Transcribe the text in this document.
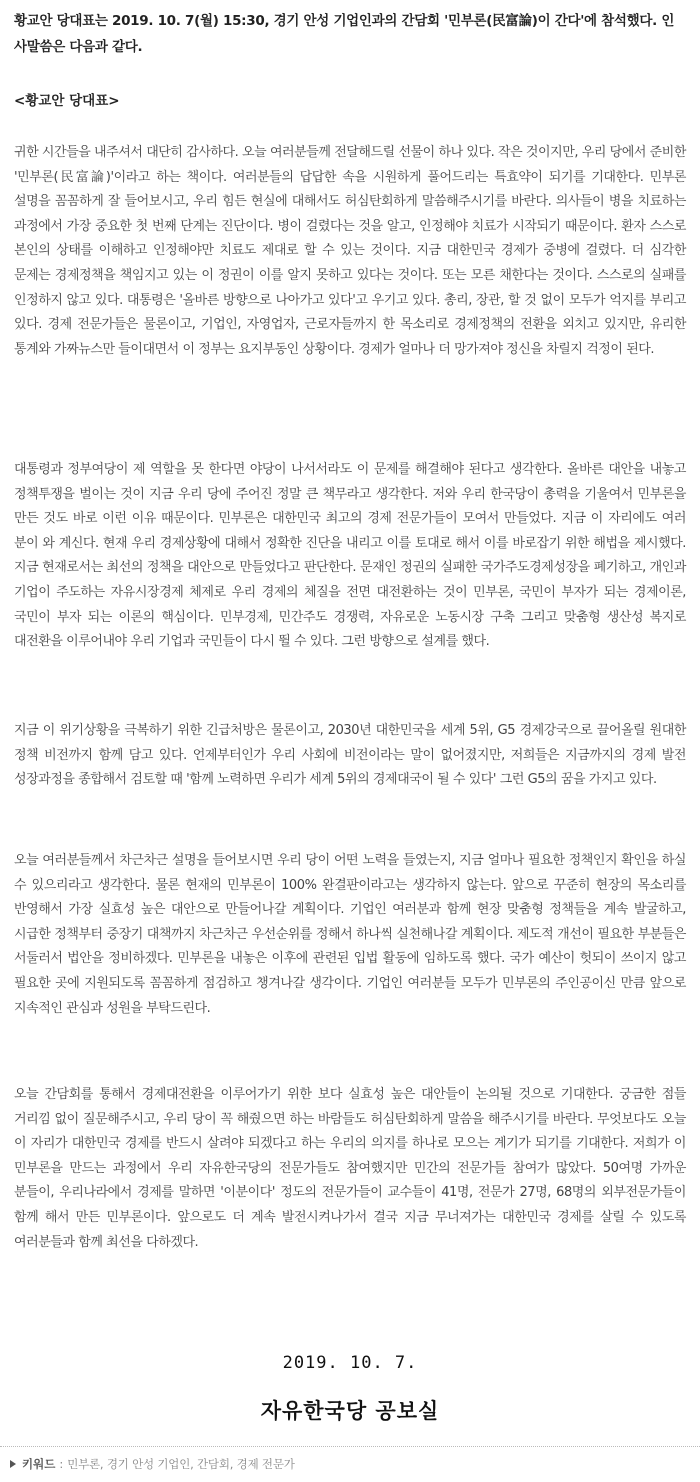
황교안 당대표는 2019. 10. 7(월) 15:30, 경기 안성 기업인과의 간담회 '민부론(民富論)이 간다'에 참석했다. 인사말씀은 다음과 같다.

<황교안 당대표>

귀한 시간들을 내주셔서 대단히 감사하다. 오늘 여러분들께 전달해드릴 선물이 하나 있다. 작은 것이지만, 우리 당에서 준비한 '민부론(民富論)'이라고 하는 책이다. 여러분들의 답답한 속을 시원하게 풀어드리는 특효약이 되기를 기대한다. 민부론 설명을 꼼꼼하게 잘 들어보시고, 우리 힘든 현실에 대해서도 허심탄회하게 말씀해주시기를 바란다. 의사들이 병을 치료하는 과정에서 가장 중요한 첫 번째 단계는 진단이다. 병이 걸렸다는 것을 알고, 인정해야 치료가 시작되기 때문이다. 환자 스스로 본인의 상태를 이해하고 인정해야만 치료도 제대로 할 수 있는 것이다. 지금 대한민국 경제가 중병에 걸렸다. 더 심각한 문제는 경제정책을 책임지고 있는 이 정권이 이를 알지 못하고 있다는 것이다. 또는 모른 채한다는 것이다. 스스로의 실패를 인정하지 않고 있다. 대통령은 '올바른 방향으로 나아가고 있다'고 우기고 있다. 총리, 장관, 할 것 없이 모두가 억지를 부리고 있다. 경제 전문가들은 물론이고, 기업인, 자영업자, 근로자들까지 한 목소리로 경제정책의 전환을 외치고 있지만, 유리한 통계와 가짜뉴스만 들이대면서 이 정부는 요지부동인 상황이다. 경제가 얼마나 더 망가져야 정신을 차릴지 걱정이 된다.

대통령과 정부여당이 제 역할을 못 한다면 야당이 나서서라도 이 문제를 해결해야 된다고 생각한다. 올바른 대안을 내놓고 정책투쟁을 벌이는 것이 지금 우리 당에 주어진 정말 큰 책무라고 생각한다. 저와 우리 한국당이 총력을 기울여서 민부론을 만든 것도 바로 이런 이유 때문이다. 민부론은 대한민국 최고의 경제 전문가들이 모여서 만들었다. 지금 이 자리에도 여러 분이 와 계신다. 현재 우리 경제상황에 대해서 정확한 진단을 내리고 이를 토대로 해서 이를 바로잡기 위한 해법을 제시했다. 지금 현재로서는 최선의 정책을 대안으로 만들었다고 판단한다. 문재인 정권의 실패한 국가주도경제성장을 폐기하고, 개인과 기업이 주도하는 자유시장경제 체제로 우리 경제의 체질을 전면 대전환하는 것이 민부론, 국민이 부자가 되는 경제이론, 국민이 부자 되는 이론의 핵심이다. 민부경제, 민간주도 경쟁력, 자유로운 노동시장 구축 그리고 맞춤형 생산성 복지로 대전환을 이루어내야 우리 기업과 국민들이 다시 뛸 수 있다. 그런 방향으로 설계를 했다.

지금 이 위기상황을 극복하기 위한 긴급처방은 물론이고, 2030년 대한민국을 세계 5위, G5 경제강국으로 끌어올릴 원대한 정책 비전까지 함께 담고 있다. 언제부터인가 우리 사회에 비전이라는 말이 없어졌지만, 저희들은 지금까지의 경제 발전 성장과정을 종합해서 검토할 때 '함께 노력하면 우리가 세계 5위의 경제대국이 될 수 있다' 그런 G5의 꿈을 가지고 있다.

오늘 여러분들께서 차근차근 설명을 들어보시면 우리 당이 어떤 노력을 들였는지, 지금 얼마나 필요한 정책인지 확인을 하실 수 있으리라고 생각한다. 물론 현재의 민부론이 100% 완결판이라고는 생각하지 않는다. 앞으로 꾸준히 현장의 목소리를 반영해서 가장 실효성 높은 대안으로 만들어나갈 계획이다. 기업인 여러분과 함께 현장 맞춤형 정책들을 계속 발굴하고, 시급한 정책부터 중장기 대책까지 차근차근 우선순위를 정해서 하나씩 실천해나갈 계획이다. 제도적 개선이 필요한 부분들은 서둘러서 법안을 정비하겠다. 민부론을 내놓은 이후에 관련된 입법 활동에 임하도록 했다. 국가 예산이 헛되이 쓰이지 않고 필요한 곳에 지원되도록 꼼꼼하게 점검하고 챙겨나갈 생각이다. 기업인 여러분들 모두가 민부론의 주인공이신 만큼 앞으로 지속적인 관심과 성원을 부탁드린다.

오늘 간담회를 통해서 경제대전환을 이루어가기 위한 보다 실효성 높은 대안들이 논의될 것으로 기대한다. 궁금한 점들 거리낌 없이 질문해주시고, 우리 당이 꼭 해줬으면 하는 바람들도 허심탄회하게 말씀을 해주시기를 바란다. 무엇보다도 오늘 이 자리가 대한민국 경제를 반드시 살려야 되겠다고 하는 우리의 의지를 하나로 모으는 계기가 되기를 기대한다. 저희가 이 민부론을 만드는 과정에서 우리 자유한국당의 전문가들도 참여했지만 민간의 전문가들 참여가 많았다. 50여명 가까운 분들이, 우리나라에서 경제를 말하면 '이분이다' 정도의 전문가들이 교수들이 41명, 전문가 27명, 68명의 외부전문가들이 함께 해서 만든 민부론이다. 앞으로도 더 계속 발전시켜나가서 결국 지금 무너져가는 대한민국 경제를 살릴 수 있도록 여러분들과 함께 최선을 다하겠다.

2019. 10. 7.

자유한국당 공보실

키워드 : 민부론, 경기 안성 기업인, 간담회, 경제 전문가
